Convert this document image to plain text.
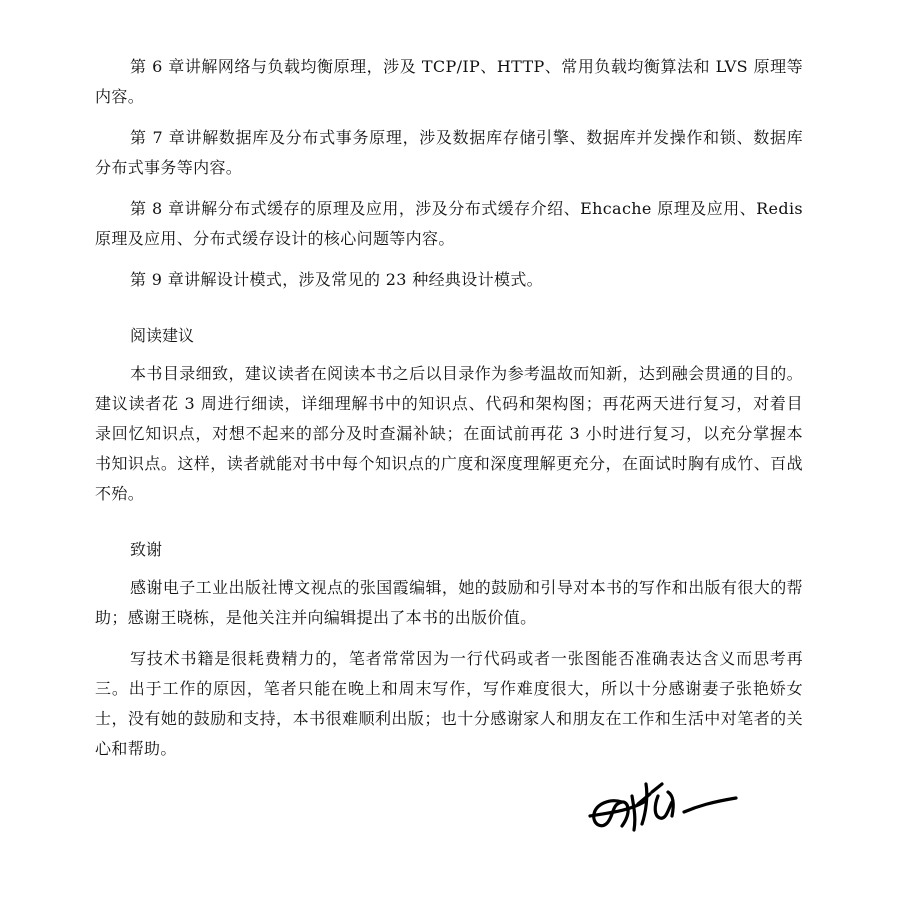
第 6 章讲解网络与负载均衡原理，涉及 TCP/IP、HTTP、常用负载均衡算法和 LVS 原理等内容。

第 7 章讲解数据库及分布式事务原理，涉及数据库存储引擎、数据库并发操作和锁、数据库分布式事务等内容。

第 8 章讲解分布式缓存的原理及应用，涉及分布式缓存介绍、Ehcache 原理及应用、Redis 原理及应用、分布式缓存设计的核心问题等内容。

第 9 章讲解设计模式，涉及常见的 23 种经典设计模式。

阅读建议

本书目录细致，建议读者在阅读本书之后以目录作为参考温故而知新，达到融会贯通的目的。建议读者花 3 周进行细读，详细理解书中的知识点、代码和架构图；再花两天进行复习，对着目录回忆知识点，对想不起来的部分及时查漏补缺；在面试前再花 3 小时进行复习，以充分掌握本书知识点。这样，读者就能对书中每个知识点的广度和深度理解更充分，在面试时胸有成竹、百战不殆。

致谢

感谢电子工业出版社博文视点的张国霞编辑，她的鼓励和引导对本书的写作和出版有很大的帮助；感谢王晓栋，是他关注并向编辑提出了本书的出版价值。

写技术书籍是很耗费精力的，笔者常常因为一行代码或者一张图能否准确表达含义而思考再三。出于工作的原因，笔者只能在晚上和周末写作，写作难度很大，所以十分感谢妻子张艳娇女士，没有她的鼓励和支持，本书很难顺利出版；也十分感谢家人和朋友在工作和生活中对笔者的关心和帮助。
